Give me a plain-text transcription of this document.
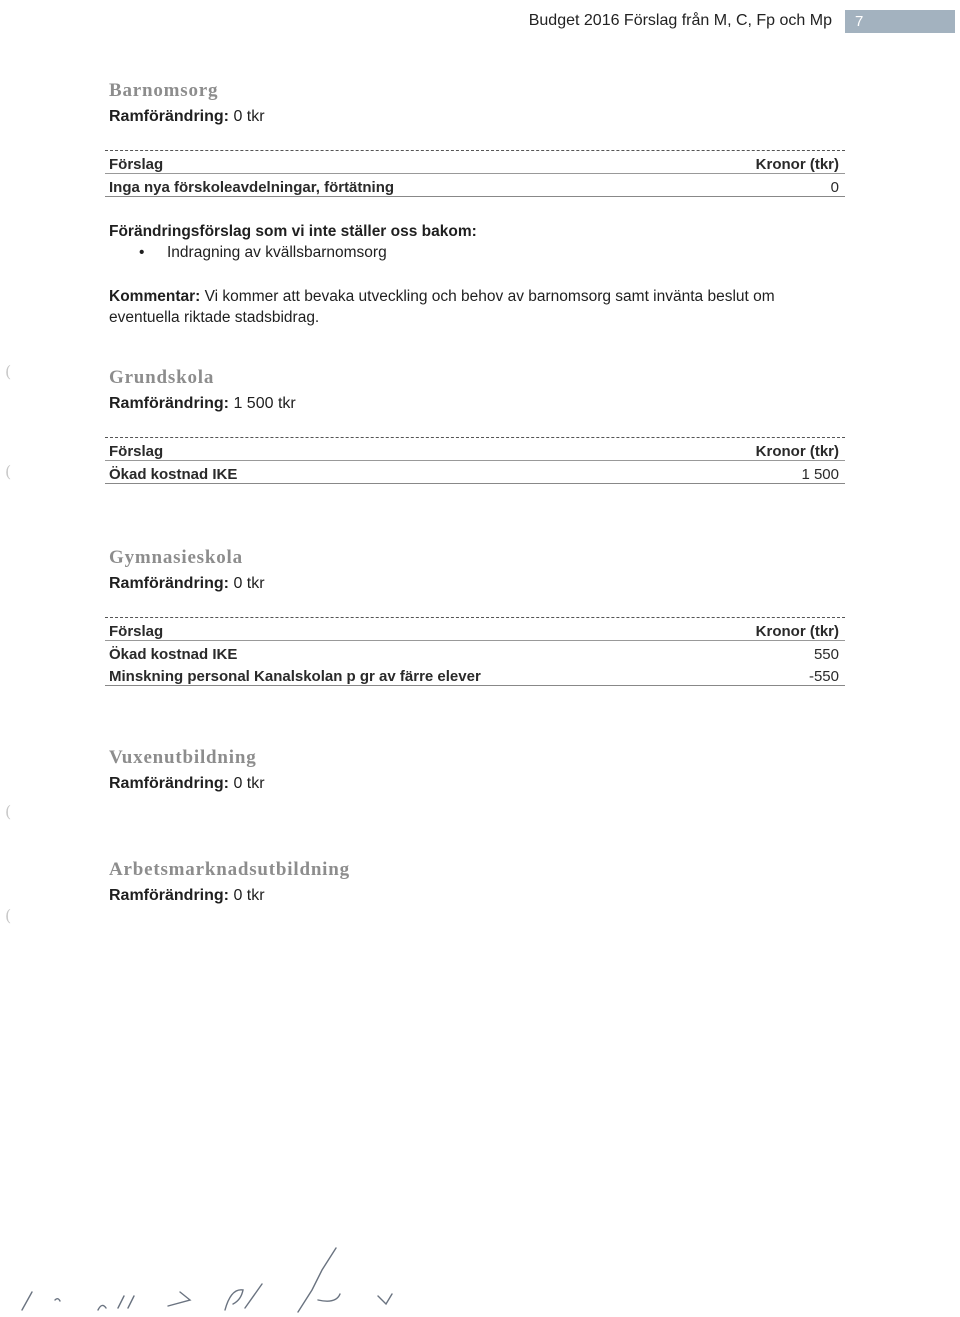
Budget 2016 Förslag från M, C, Fp och Mp	7
(
(
(
(
Barnomsorg
Ramförändring: 0 tkr
Förslag	Kronor (tkr)
Inga nya förskoleavdelningar, förtätning	0
Förändringsförslag som vi inte ställer oss bakom:
• Indragning av kvällsbarnomsorg
Kommentar: Vi kommer att bevaka utveckling och behov av barnomsorg samt invänta beslut om eventuella riktade stadsbidrag.
Grundskola
Ramförändring: 1 500 tkr
Förslag	Kronor (tkr)
Ökad kostnad IKE	1 500
Gymnasieskola
Ramförändring: 0 tkr
Förslag	Kronor (tkr)
Ökad kostnad IKE	550
Minskning personal Kanalskolan p gr av färre elever	-550
Vuxenutbildning
Ramförändring: 0 tkr
Arbetsmarknadsutbildning
Ramförändring: 0 tkr
